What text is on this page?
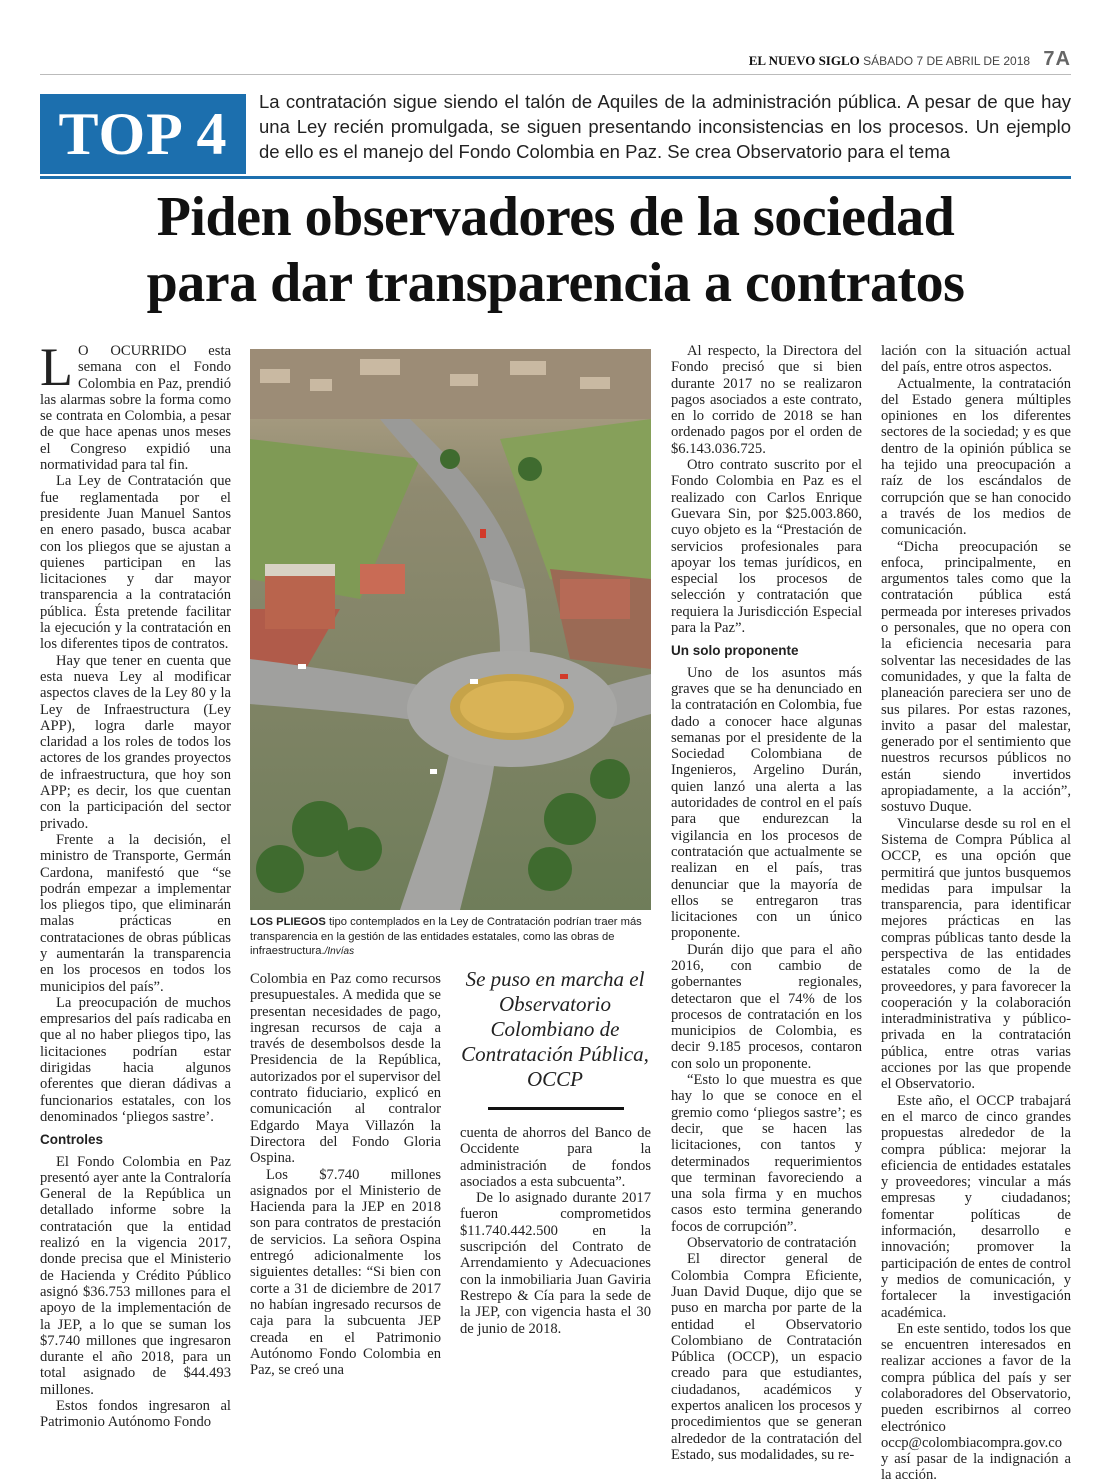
EL NUEVO SIGLO SÁBADO 7 DE ABRIL DE 2018 7A
TOP 4	La contratación sigue siendo el talón de Aquiles de la administración pública. A pesar de que hay una Ley recién promulgada, se siguen presentando inconsistencias en los procesos. Un ejemplo de ello es el manejo del Fondo Colombia en Paz. Se crea Observatorio para el tema
Piden observadores de la sociedad
para dar transparencia a contratos

L O OCURRIDO esta semana con el Fondo Colombia en Paz, prendió las alarmas sobre la forma como se contrata en Colombia, a pesar de que hace apenas unos meses el Congreso expidió una normatividad para tal fin.

La Ley de Contratación que fue reglamentada por el presidente Juan Manuel Santos en enero pasado, busca acabar con los pliegos que se ajustan a quienes participan en las licitaciones y dar mayor transparencia a la contratación pública. Ésta pretende facilitar la ejecución y la contratación en los diferentes tipos de contratos.

Hay que tener en cuenta que esta nueva Ley al modificar aspectos claves de la Ley 80 y la Ley de Infraestructura (Ley APP), logra darle mayor claridad a los roles de todos los actores de los grandes proyectos de infraestructura, que hoy son APP; es decir, los que cuentan con la participación del sector privado.

Frente a la decisión, el ministro de Transporte, Germán Cardona, manifestó que “se podrán empezar a implementar los pliegos tipo, que eliminarán malas prácticas en contrataciones de obras públicas y aumentarán la transparencia en los procesos en todos los municipios del país”.

La preocupación de muchos empresarios del país radicaba en que al no haber pliegos tipo, las licitaciones podrían estar dirigidas hacia algunos oferentes que dieran dádivas a funcionarios estatales, con los denominados ‘pliegos sastre’.

Controles

El Fondo Colombia en Paz presentó ayer ante la Contraloría General de la República un detallado informe sobre la contratación que la entidad realizó en la vigencia 2017, donde precisa que el Ministerio de Hacienda y Crédito Público asignó $36.753 millones para el apoyo de la implementación de la JEP, a lo que se suman los $7.740 millones que ingresaron durante el año 2018, para un total asignado de $44.493 millones.

Estos fondos ingresaron al Patrimonio Autónomo Fondo

LOS PLIEGOS tipo contemplados en la Ley de Contratación podrían traer más transparencia en la gestión de las entidades estatales, como las obras de infraestructura./Invías

Colombia en Paz como recursos presupuestales. A medida que se presentan necesidades de pago, ingresan recursos de caja a través de desembolsos desde la Presidencia de la República, autorizados por el supervisor del contrato fiduciario, explicó en comunicación al contralor Edgardo Maya Villazón la Directora del Fondo Gloria Ospina.

Los $7.740 millones asignados por el Ministerio de Hacienda para la JEP en 2018 son para contratos de prestación de servicios. La señora Ospina entregó adicionalmente los siguientes detalles: “Si bien con corte a 31 de diciembre de 2017 no habían ingresado recursos de caja para la subcuenta JEP creada en el Patrimonio Autónomo Fondo Colombia en Paz, se creó una

Se puso en marcha el Observatorio Colombiano de Contratación Pública, OCCP

cuenta de ahorros del Banco de Occidente para la administración de fondos asociados a esta subcuenta”.

De lo asignado durante 2017 fueron comprometidos $11.740.442.500 en la suscripción del Contrato de Arrendamiento y Adecuaciones con la inmobiliaria Juan Gaviria Restrepo & Cía para la sede de la JEP, con vigencia hasta el 30 de junio de 2018.

Al respecto, la Directora del Fondo precisó que si bien durante 2017 no se realizaron pagos asociados a este contrato, en lo corrido de 2018 se han ordenado pagos por el orden de $6.143.036.725.

Otro contrato suscrito por el Fondo Colombia en Paz es el realizado con Carlos Enrique Guevara Sin, por $25.003.860, cuyo objeto es la “Prestación de servicios profesionales para apoyar los temas jurídicos, en especial los procesos de selección y contratación que requiera la Jurisdicción Especial para la Paz”.

Un solo proponente

Uno de los asuntos más graves que se ha denunciado en la contratación en Colombia, fue dado a conocer hace algunas semanas por el presidente de la Sociedad Colombiana de Ingenieros, Argelino Durán, quien lanzó una alerta a las autoridades de control en el país para que endurezcan la vigilancia en los procesos de contratación que actualmente se realizan en el país, tras denunciar que la mayoría de ellos se entregaron tras licitaciones con un único proponente.

Durán dijo que para el año 2016, con cambio de gobernantes regionales, detectaron que el 74% de los procesos de contratación en los municipios de Colombia, es decir 9.185 procesos, contaron con solo un proponente.

“Esto lo que muestra es que hay lo que se conoce en el gremio como ‘pliegos sastre’; es decir, que se hacen las licitaciones, con tantos y determinados requerimientos que terminan favoreciendo a una sola firma y en muchos casos esto termina generando focos de corrupción”.

Observatorio de contratación

El director general de Colombia Compra Eficiente, Juan David Duque, dijo que se puso en marcha por parte de la entidad el Observatorio Colombiano de Contratación Pública (OCCP), un espacio creado para que estudiantes, ciudadanos, académicos y expertos analicen los procesos y procedimientos que se generan alrededor de la contratación del Estado, sus modalidades, su re-

lación con la situación actual del país, entre otros aspectos.

Actualmente, la contratación del Estado genera múltiples opiniones en los diferentes sectores de la sociedad; y es que dentro de la opinión pública se ha tejido una preocupación a raíz de los escándalos de corrupción que se han conocido a través de los medios de comunicación.

“Dicha preocupación se enfoca, principalmente, en argumentos tales como que la contratación pública está permeada por intereses privados o personales, que no opera con la eficiencia necesaria para solventar las necesidades de las comunidades, y que la falta de planeación pareciera ser uno de sus pilares. Por estas razones, invito a pasar del malestar, generado por el sentimiento que nuestros recursos públicos no están siendo invertidos apropiadamente, a la acción”, sostuvo Duque.

Vincularse desde su rol en el Sistema de Compra Pública al OCCP, es una opción que permitirá que juntos busquemos medidas para impulsar la transparencia, para identificar mejores prácticas en las compras públicas tanto desde la perspectiva de las entidades estatales como de la de proveedores, y para favorecer la cooperación y la colaboración interadministrativa y público-privada en la contratación pública, entre otras varias acciones por las que propende el Observatorio.

Este año, el OCCP trabajará en el marco de cinco grandes propuestas alrededor de la compra pública: mejorar la eficiencia de entidades estatales y proveedores; vincular a más empresas y ciudadanos; fomentar políticas de información, desarrollo e innovación; promover la participación de entes de control y medios de comunicación, y fortalecer la investigación académica.

En este sentido, todos los que se encuentren interesados en realizar acciones a favor de la compra pública del país y ser colaboradores del Observatorio, pueden escribirnos al correo electrónico occp@colombiacompra.gov.co y así pasar de la indignación a la acción.
